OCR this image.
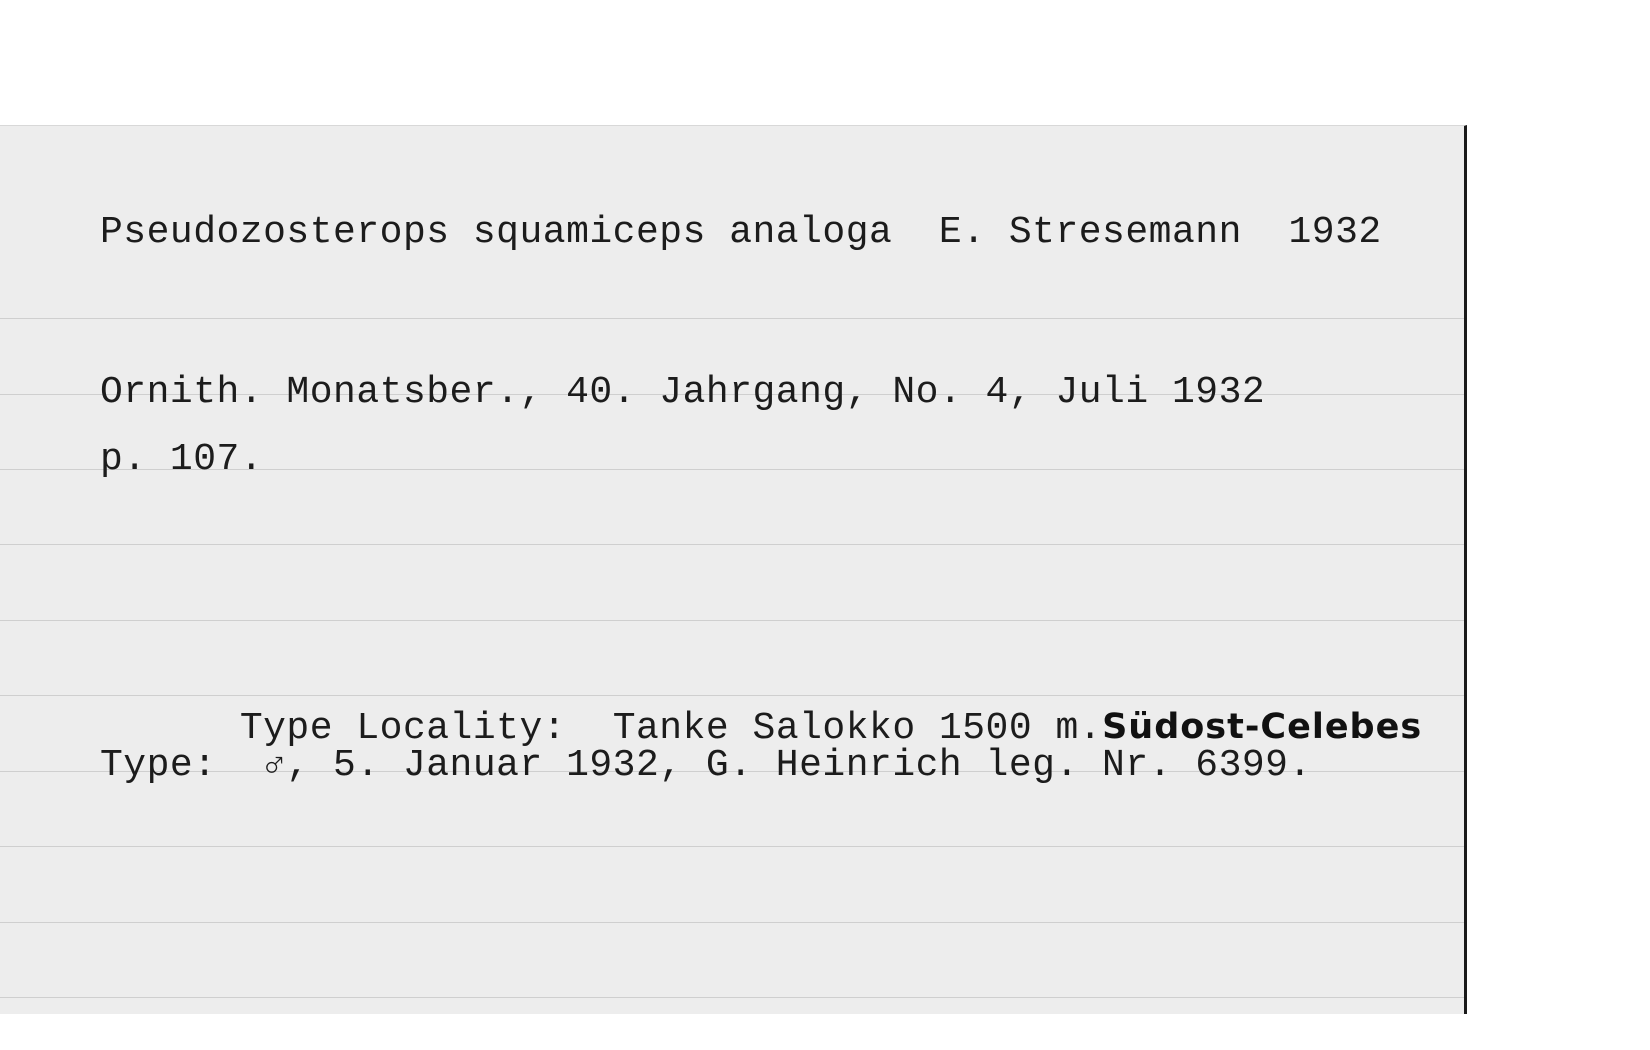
Pseudozosterops squamiceps analoga  E. Stresemann  1932
Ornith. Monatsber., 40. Jahrgang, No. 4, Juli 1932
p. 107.

Type Locality:  Tanke Salokko 1500 m.Südost-Celebes

Type:  ♂, 5. Januar 1932, G. Heinrich leg. Nr. 6399.
